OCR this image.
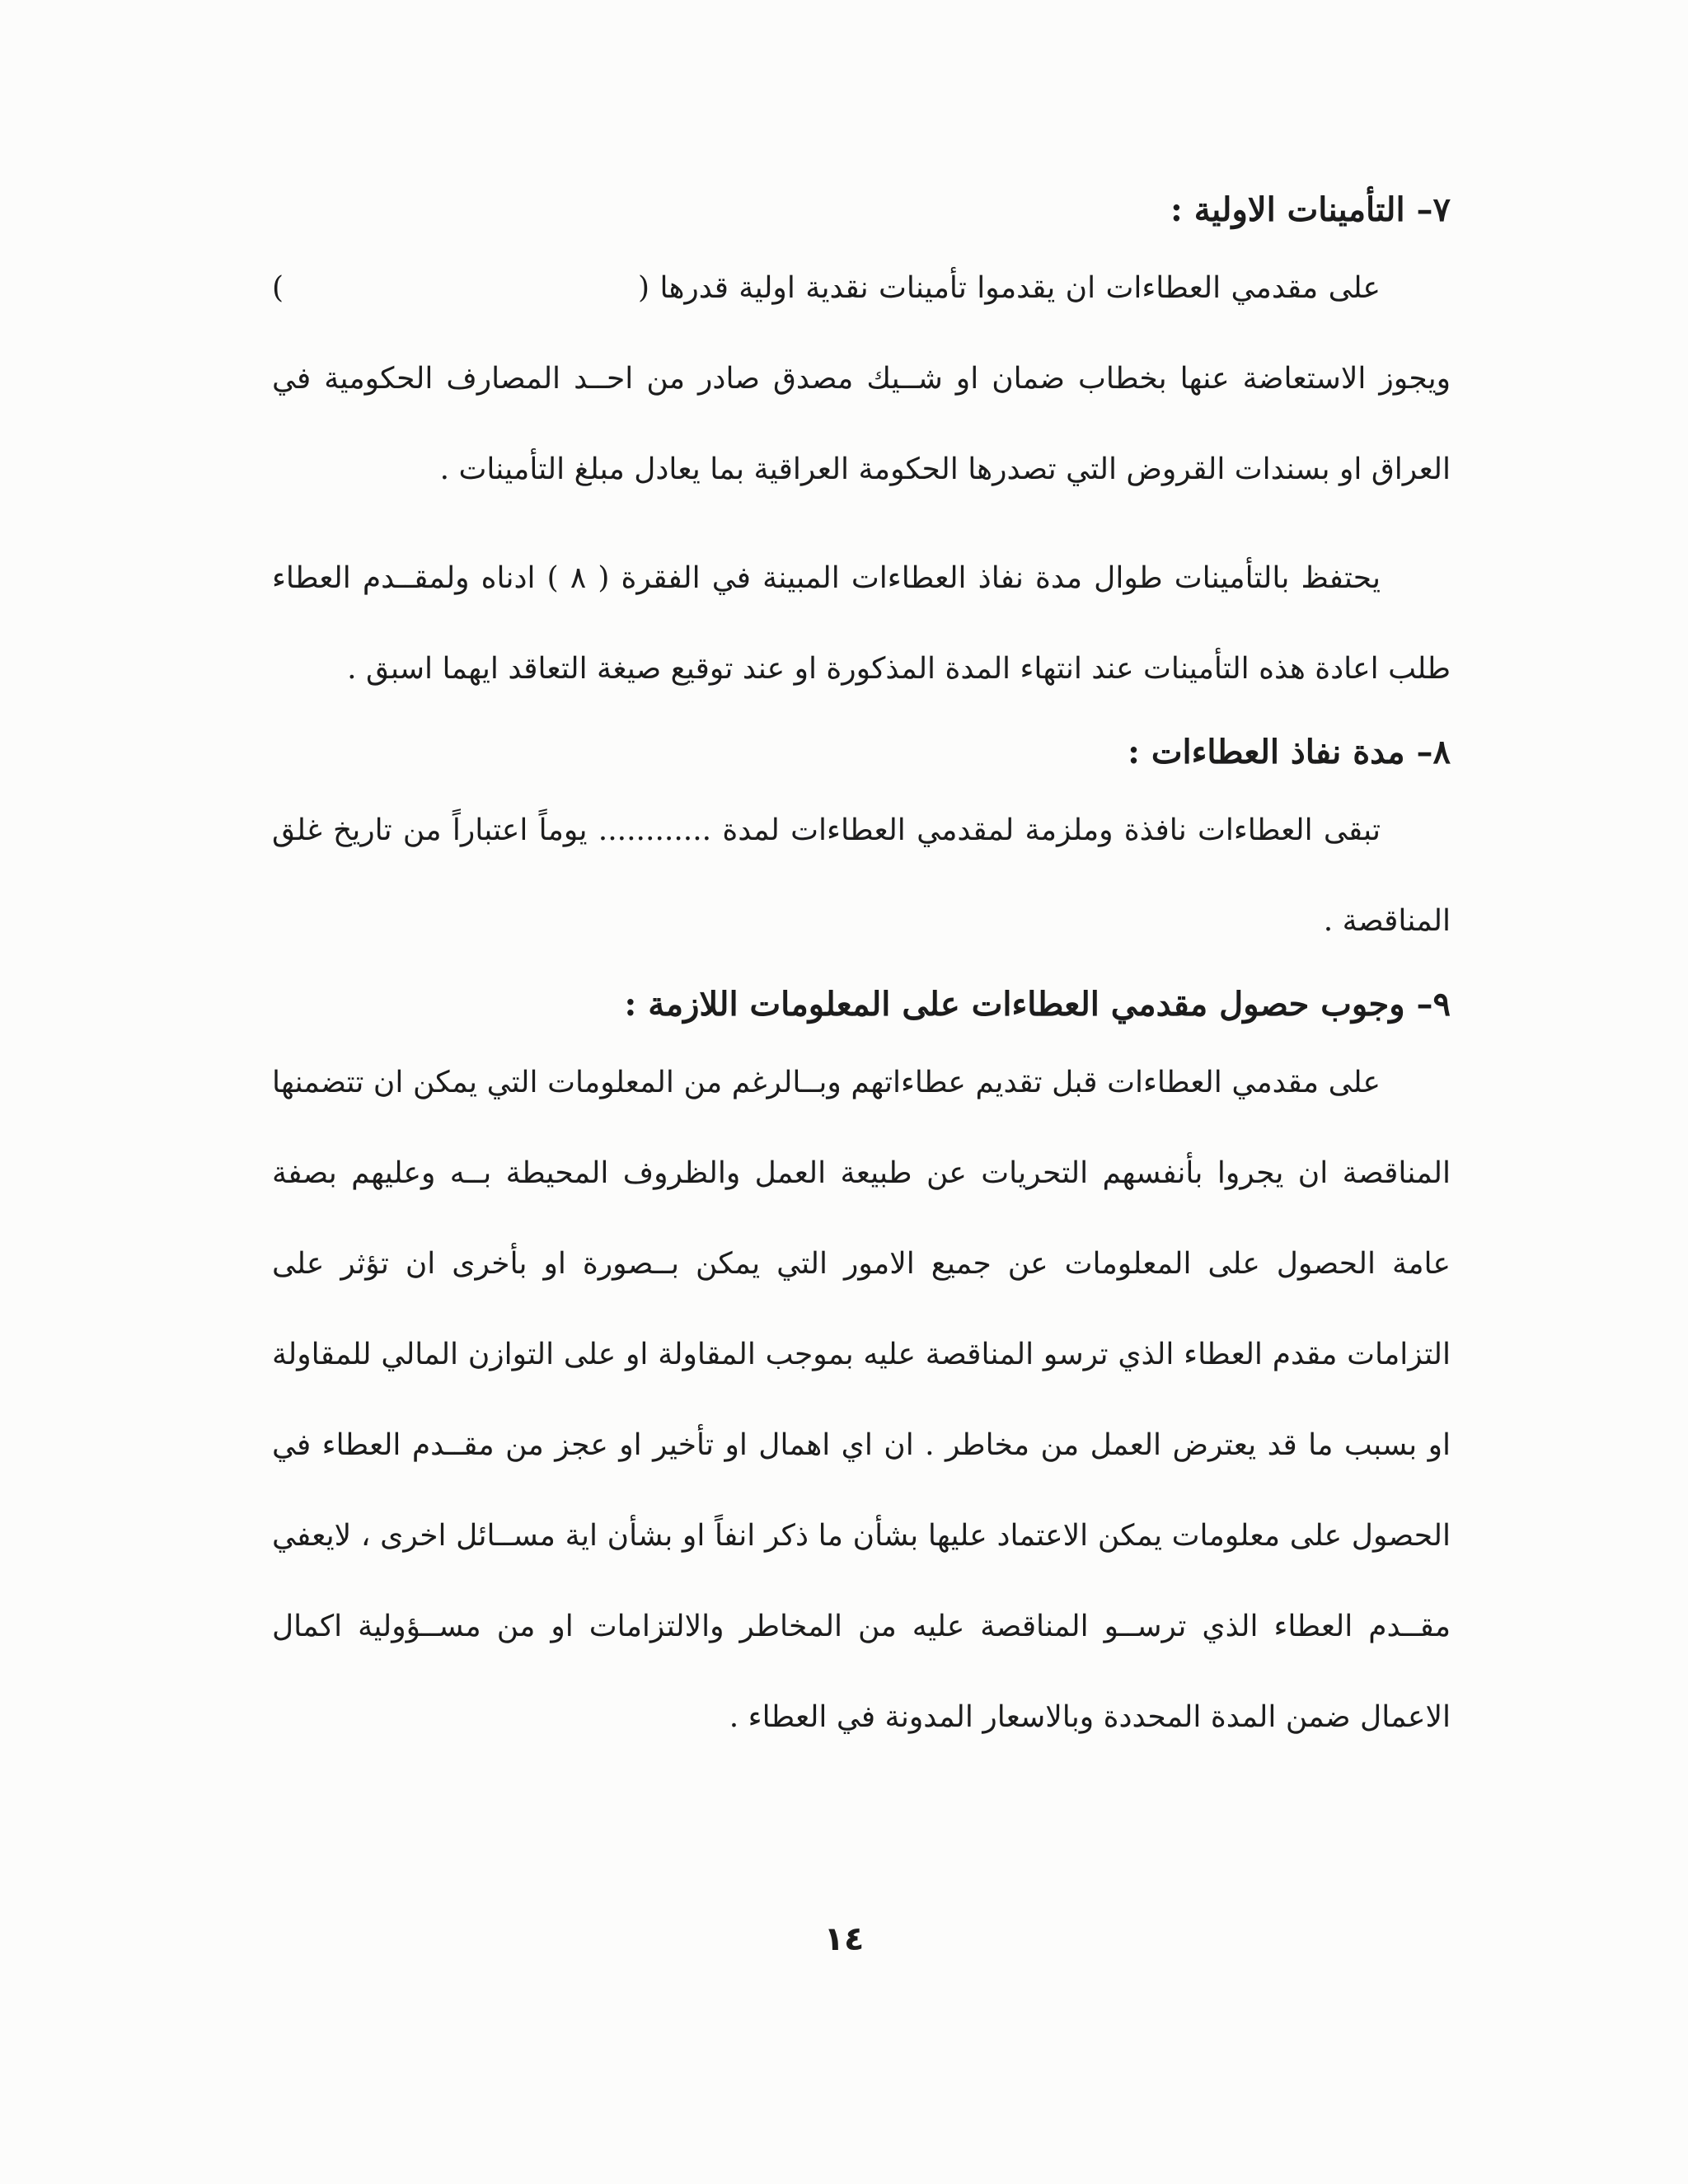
٧– التأمينات الاولية :

على مقدمي العطاءات ان يقدموا تأمينات نقدية اولية قدرها () ويجوز الاستعاضة عنها بخطاب ضمان او شــيك مصدق صادر من احــد المصارف الحكومية في العراق او بسندات القروض التي تصدرها الحكومة العراقية بما يعادل مبلغ التأمينات .

يحتفظ بالتأمينات طوال مدة نفاذ العطاءات المبينة في الفقرة ( ٨ ) ادناه ولمقــدم العطاء طلب اعادة هذه التأمينات عند انتهاء المدة المذكورة او عند توقيع صيغة التعاقد ايهما اسبق .

٨– مدة نفاذ العطاءات :

تبقى العطاءات نافذة وملزمة لمقدمي العطاءات لمدة ............ يوماً اعتباراً من تاريخ غلق المناقصة .

٩– وجوب حصول مقدمي العطاءات على المعلومات اللازمة :

على مقدمي العطاءات قبل تقديم عطاءاتهم وبــالرغم من المعلومات التي يمكن ان تتضمنها المناقصة ان يجروا بأنفسهم التحريات عن طبيعة العمل والظروف المحيطة بــه وعليهم بصفة عامة الحصول على المعلومات عن جميع الامور التي يمكن بــصورة او بأخرى ان تؤثر على التزامات مقدم العطاء الذي ترسو المناقصة عليه بموجب المقاولة او على التوازن المالي للمقاولة او بسبب ما قد يعترض العمل من مخاطر . ان اي اهمال او تأخير او عجز من مقــدم العطاء في الحصول على معلومات يمكن الاعتماد عليها بشأن ما ذكر انفاً او بشأن اية مســائل اخرى ، لايعفي مقــدم العطاء الذي ترســو المناقصة عليه من المخاطر والالتزامات او من مســؤولية اكمال الاعمال ضمن المدة المحددة وبالاسعار المدونة في العطاء .

١٤
